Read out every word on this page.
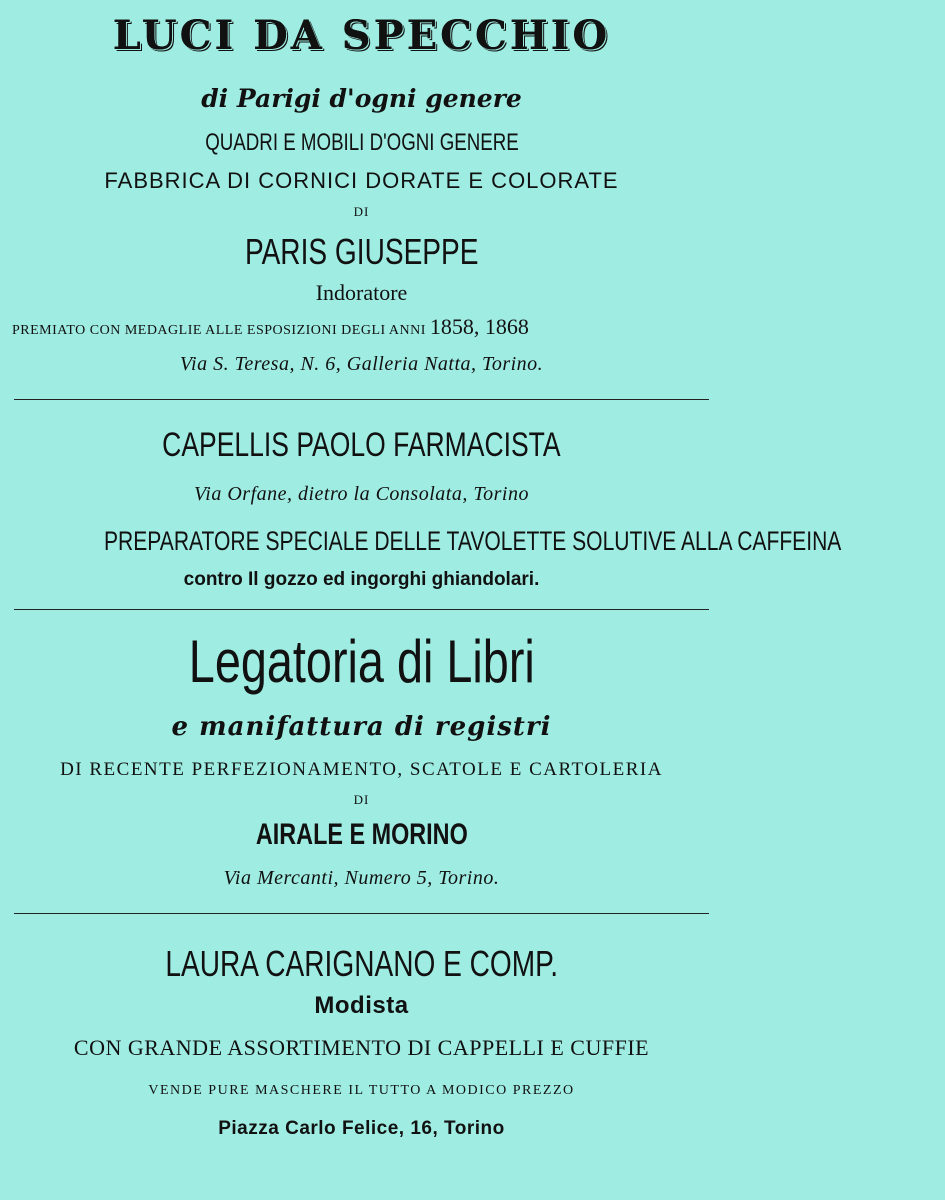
LUCI DA SPECCHIO
di Parigi d'ogni genere
QUADRI E MOBILI D'OGNI GENERE
FABBRICA DI CORNICI DORATE E COLORATE
DI
PARIS GIUSEPPE
Indoratore
PREMIATO CON MEDAGLIE ALLE ESPOSIZIONI DEGLI ANNI 1858, 1868
Via S. Teresa, N. 6, Galleria Natta, Torino.
CAPELLIS PAOLO FARMACISTA
Via Orfane, dietro la Consolata, Torino
PREPARATORE SPECIALE DELLE TAVOLETTE SOLUTIVE ALLA CAFFEINA
contro Il gozzo ed ingorghi ghiandolari.
Legatoria di Libri
e manifattura di registri
DI RECENTE PERFEZIONAMENTO, SCATOLE E CARTOLERIA
DI
AIRALE E MORINO
Via Mercanti, Numero 5, Torino.
LAURA CARIGNANO E COMP.
Modista
CON GRANDE ASSORTIMENTO DI CAPPELLI E CUFFIE
VENDE PURE MASCHERE IL TUTTO A MODICO PREZZO
Piazza Carlo Felice, 16, Torino
